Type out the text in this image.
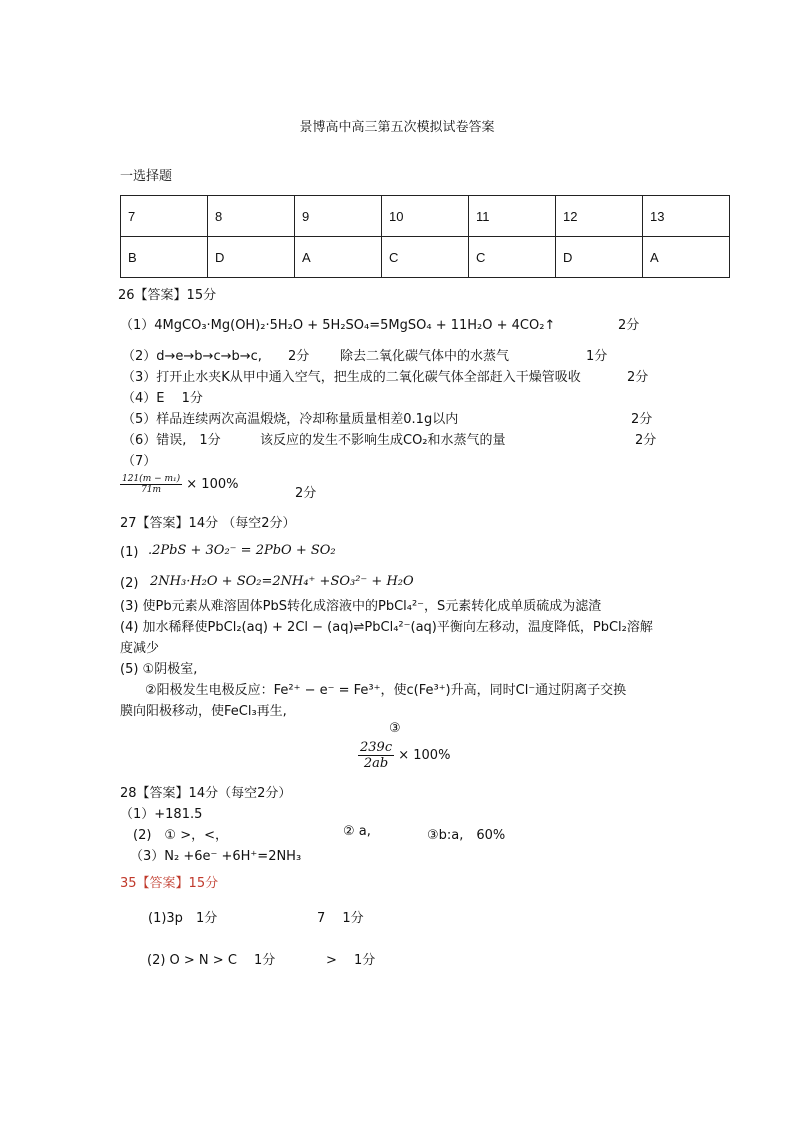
景博高中高三第五次模拟试卷答案
一选择题
7	8	9	10	11	12	13
B	D	A	C	C	D	A
26【答案】15分
（1）4MgCO₃·Mg(OH)₂·5H₂O + 5H₂SO₄=5MgSO₄ + 11H₂O + 4CO₂↑	2分
（2）d→e→b→c→b→c, 2分 除去二氧化碳气体中的水蒸气	1分
（3）打开止水夹K从甲中通入空气，把生成的二氧化碳气体全部赶入干燥管吸收	2分
（4）E　 1分
（5）样品连续两次高温煅烧，冷却称量质量相差0.1g以内	2分
（6）错误,　1分	该反应的发生不影响生成CO₂和水蒸气的量	2分
（7）
$\frac{\text{121(m − m₁)}}{71m} \times 100\%$
2分
27【答案】14分 （每空2分）
(1) .2PbS + 3O₂⁻ = 2PbO + SO₂
(2) 2NH₃·H₂O + SO₂=2NH₄⁺ +SO₃²⁻ + H₂O
(3) 使Pb元素从难溶固体PbS转化成溶液中的PbCl₄²⁻，S元素转化成单质硫成为滤渣
(4) 加水稀释使PbCl₂(aq) + 2Cl − (aq)⇌PbCl₄²⁻(aq)平衡向左移动，温度降低，PbCl₂溶解
度减少
(5) ①阴极室,
②阳极发生电极反应：Fe²⁺ − e⁻ = Fe³⁺，使c(Fe³⁺)升高，同时Cl⁻通过阴离子交换
膜向阳极移动，使FeCl₃再生,
③
$\frac{239c}{2ab} \times 100\%$
28【答案】14分（每空2分）
（1）+181.5
(2)　① >，<，	② a,	③b:a,　60%
（3）N₂ +6e⁻ +6H⁺=2NH₃
35【答案】15分
(1)3p　1分	7　 1分
(2) O > N > C　 1分	>　 1分
